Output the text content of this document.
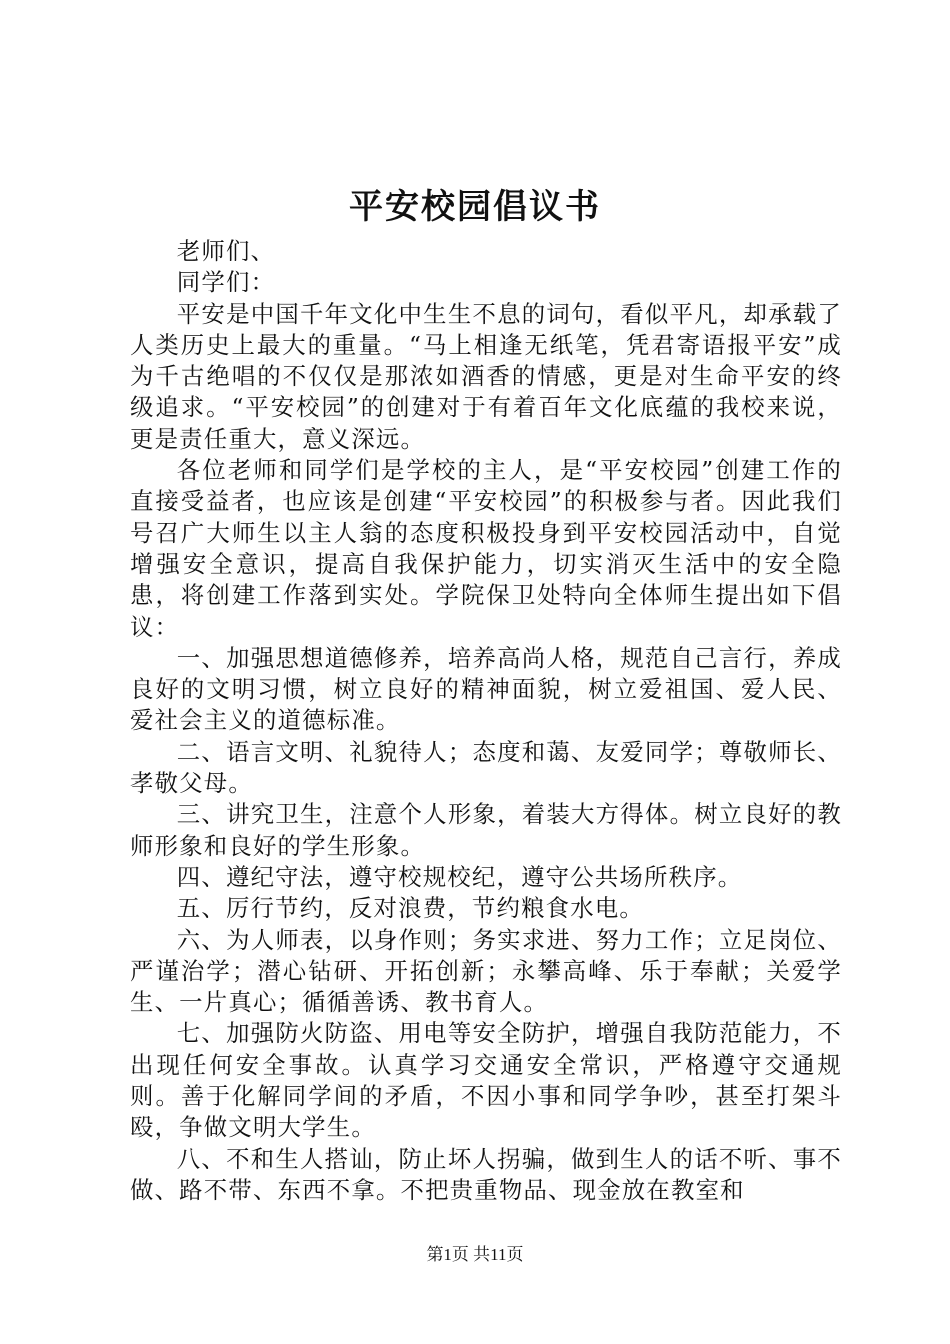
平安校园倡议书

老师们、

同学们：

平安是中国千年文化中生生不息的词句，看似平凡，却承载了人类历史上最大的重量。“马上相逢无纸笔，凭君寄语报平安”成为千古绝唱的不仅仅是那浓如酒香的情感，更是对生命平安的终级追求。“平安校园”的创建对于有着百年文化底蕴的我校来说，更是责任重大，意义深远。

各位老师和同学们是学校的主人，是“平安校园”创建工作的直接受益者，也应该是创建“平安校园”的积极参与者。因此我们号召广大师生以主人翁的态度积极投身到平安校园活动中，自觉增强安全意识，提高自我保护能力，切实消灭生活中的安全隐患，将创建工作落到实处。学院保卫处特向全体师生提出如下倡议：

一、加强思想道德修养，培养高尚人格，规范自己言行，养成良好的文明习惯，树立良好的精神面貌，树立爱祖国、爱人民、爱社会主义的道德标准。

二、语言文明、礼貌待人；态度和蔼、友爱同学；尊敬师长、孝敬父母。

三、讲究卫生，注意个人形象，着装大方得体。树立良好的教师形象和良好的学生形象。

四、遵纪守法，遵守校规校纪，遵守公共场所秩序。

五、厉行节约，反对浪费，节约粮食水电。

六、为人师表，以身作则；务实求进、努力工作；立足岗位、严谨治学；潜心钻研、开拓创新；永攀高峰、乐于奉献；关爱学生、一片真心；循循善诱、教书育人。

七、加强防火防盗、用电等安全防护，增强自我防范能力，不出现任何安全事故。认真学习交通安全常识，严格遵守交通规则。善于化解同学间的矛盾，不因小事和同学争吵，甚至打架斗殴，争做文明大学生。

八、不和生人搭讪，防止坏人拐骗，做到生人的话不听、事不做、路不带、东西不拿。不把贵重物品、现金放在教室和

第1页 共11页
